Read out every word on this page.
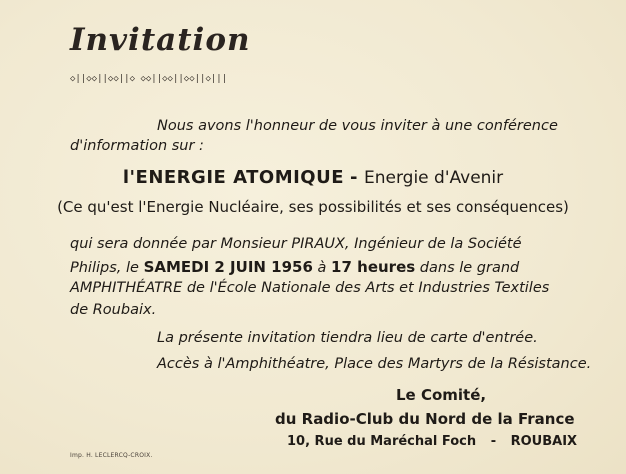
Invitation
◇||◇◇||◇◇||◇ ◇◇||◇◇||◇◇||◇|||
Nous avons l'honneur de vous inviter à une conférence
d'information sur :
l'ENERGIE ATOMIQUE - Energie d'Avenir
(Ce qu'est l'Energie Nucléaire, ses possibilités et ses conséquences)
qui sera donnée par Monsieur PIRAUX, Ingénieur de la Société
Philips, le SAMEDI 2 JUIN 1956 à 17 heures dans le grand
AMPHITHÉATRE de l'École Nationale des Arts et Industries Textiles
de Roubaix.
La présente invitation tiendra lieu de carte d'entrée.
Accès à l'Amphithéatre, Place des Martyrs de la Résistance.
Le Comité,
du Radio-Club du Nord de la France
10, Rue du Maréchal Foch - ROUBAIX
Imp. H. LECLERCQ-CROIX.
